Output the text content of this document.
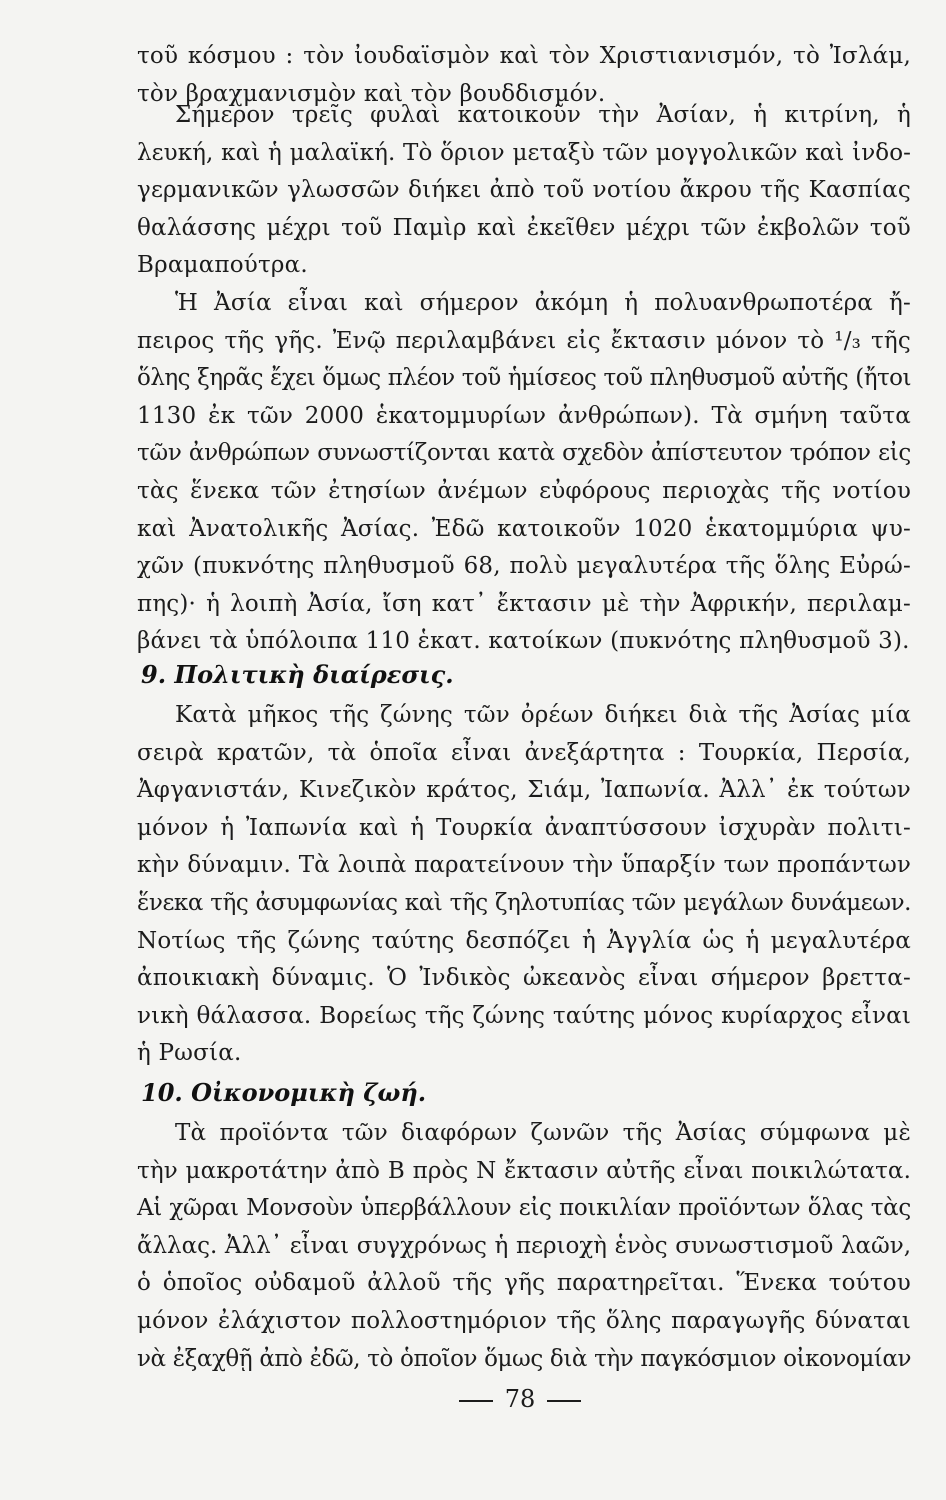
τοῦ κόσμου : τὸν ἰουδαϊσμὸν καὶ τὸν Χριστιανισμόν, τὸ Ἰσλάμ,
τὸν βραχμανισμὸν καὶ τὸν βουδδισμόν.
Σήμερον τρεῖς φυλαὶ κατοικοῦν τὴν Ἀσίαν, ἡ κιτρίνη, ἡ
λευκή, καὶ ἡ μαλαϊκή. Τὸ ὅριον μεταξὺ τῶν μογγολικῶν καὶ ἰνδο-
γερμανικῶν γλωσσῶν διήκει ἀπὸ τοῦ νοτίου ἄκρου τῆς Κασπίας
θαλάσσης μέχρι τοῦ Παμὶρ καὶ ἐκεῖθεν μέχρι τῶν ἐκβολῶν τοῦ
Βραμαπούτρα.
Ἡ Ἀσία εἶναι καὶ σήμερον ἀκόμη ἡ πολυανθρωποτέρα ἤ-
πειρος τῆς γῆς. Ἐνῷ περιλαμβάνει εἰς ἔκτασιν μόνον τὸ ¹/₃ τῆς
ὅλης ξηρᾶς ἔχει ὅμως πλέον τοῦ ἡμίσεος τοῦ πληθυσμοῦ αὐτῆς (ἤτοι
1130 ἐκ τῶν 2000 ἑκατομμυρίων ἀνθρώπων). Τὰ σμήνη ταῦτα
τῶν ἀνθρώπων συνωστίζονται κατὰ σχεδὸν ἀπίστευτον τρόπον εἰς
τὰς ἕνεκα τῶν ἐτησίων ἀνέμων εὐφόρους περιοχὰς τῆς νοτίου
καὶ Ἀνατολικῆς Ἀσίας. Ἐδῶ κατοικοῦν 1020 ἑκατομμύρια ψυ-
χῶν (πυκνότης πληθυσμοῦ 68, πολὺ μεγαλυτέρα τῆς ὅλης Εὐρώ-
πης)· ἡ λοιπὴ Ἀσία, ἴση κατ᾽ ἔκτασιν μὲ τὴν Ἀφρικήν, περιλαμ-
βάνει τὰ ὑπόλοιπα 110 ἑκατ. κατοίκων (πυκνότης πληθυσμοῦ 3).
9. Πολιτικὴ διαίρεσις.
Κατὰ μῆκος τῆς ζώνης τῶν ὀρέων διήκει διὰ τῆς Ἀσίας μία
σειρὰ κρατῶν, τὰ ὁποῖα εἶναι ἀνεξάρτητα : Τουρκία, Περσία,
Ἀφγανιστάν, Κινεζικὸν κράτος, Σιάμ, Ἰαπωνία. Ἀλλ᾽ ἐκ τούτων
μόνον ἡ Ἰαπωνία καὶ ἡ Τουρκία ἀναπτύσσουν ἰσχυρὰν πολιτι-
κὴν δύναμιν. Τὰ λοιπὰ παρατείνουν τὴν ὕπαρξίν των προπάντων
ἕνεκα τῆς ἀσυμφωνίας καὶ τῆς ζηλοτυπίας τῶν μεγάλων δυνάμεων.
Νοτίως τῆς ζώνης ταύτης δεσπόζει ἡ Ἀγγλία ὡς ἡ μεγαλυτέρα
ἀποικιακὴ δύναμις. Ὁ Ἰνδικὸς ὠκεανὸς εἶναι σήμερον βρεττα-
νικὴ θάλασσα. Βορείως τῆς ζώνης ταύτης μόνος κυρίαρχος εἶναι
ἡ Ρωσία.
10. Οἰκονομικὴ ζωή.
Τὰ προϊόντα τῶν διαφόρων ζωνῶν τῆς Ἀσίας σύμφωνα μὲ
τὴν μακροτάτην ἀπὸ Β πρὸς Ν ἔκτασιν αὐτῆς εἶναι ποικιλώτατα.
Αἱ χῶραι Μονσοὺν ὑπερβάλλουν εἰς ποικιλίαν προϊόντων ὅλας τὰς
ἄλλας. Ἀλλ᾽ εἶναι συγχρόνως ἡ περιοχὴ ἑνὸς συνωστισμοῦ λαῶν,
ὁ ὁποῖος οὐδαμοῦ ἀλλοῦ τῆς γῆς παρατηρεῖται. Ἕνεκα τούτου
μόνον ἐλάχιστον πολλοστημόριον τῆς ὅλης παραγωγῆς δύναται
νὰ ἐξαχθῇ ἀπὸ ἐδῶ, τὸ ὁποῖον ὅμως διὰ τὴν παγκόσμιον οἰκονομίαν
78
